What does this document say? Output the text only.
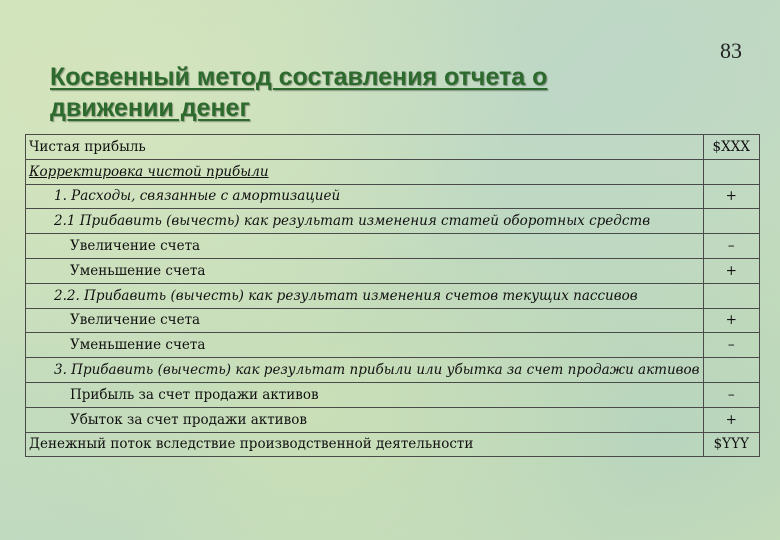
83
Косвенный метод составления отчета о движении денег
Чистая прибыль	$XXX
Корректировка чистой прибыли	
1. Расходы, связанные с амортизацией	+
2.1 Прибавить (вычесть) как результат изменения статей оборотных средств	
Увеличение счета	–
Уменьшение счета	+
2.2. Прибавить (вычесть) как результат изменения счетов текущих пассивов	
Увеличение счета	+
Уменьшение счета	–
3. Прибавить (вычесть) как результат прибыли или убытка за счет продажи активов	
Прибыль за счет продажи активов	–
Убыток за счет продажи активов	+
Денежный поток вследствие производственной деятельности	$YYY
